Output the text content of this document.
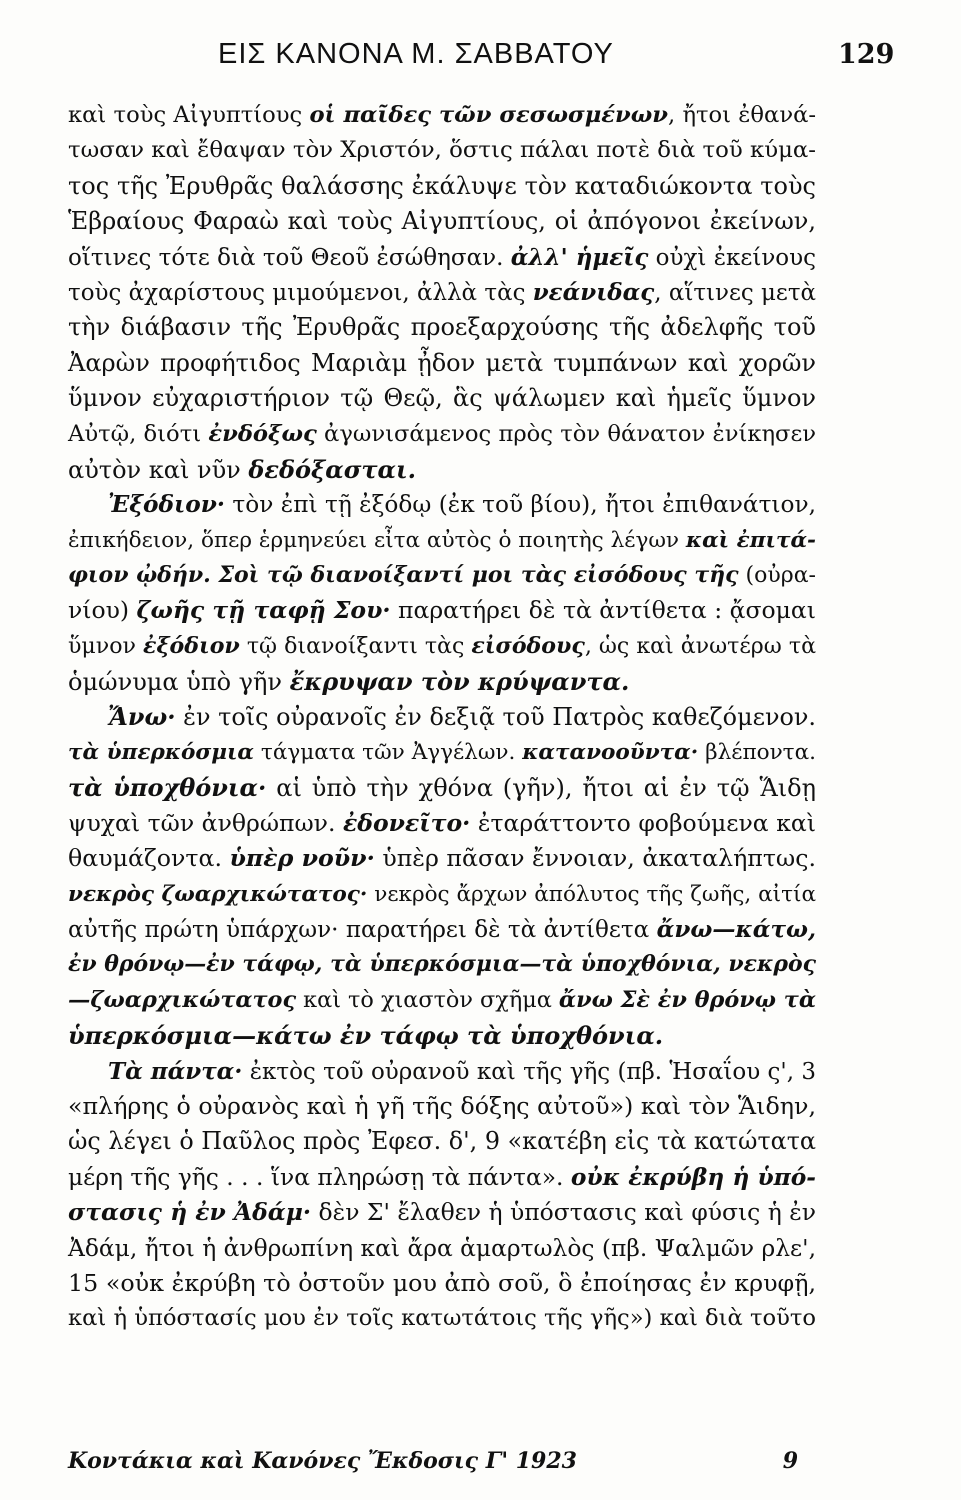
ΕΙΣ ΚΑΝΟΝΑ Μ. ΣΑΒΒΑΤΟΥ	129
καὶ τοὺς Αἰγυπτίους οἱ παῖδες τῶν σεσωσμένων, ἤτοι ἐθανά-
τωσαν καὶ ἔθαψαν τὸν Χριστόν, ὅστις πάλαι ποτὲ διὰ τοῦ κύμα-
τος τῆς Ἐρυθρᾶς θαλάσσης ἐκάλυψε τὸν καταδιώκοντα τοὺς
Ἑβραίους Φαραὼ καὶ τοὺς Αἰγυπτίους, οἱ ἀπόγονοι ἐκείνων,
οἵτινες τότε διὰ τοῦ Θεοῦ ἐσώθησαν. ἀλλ' ἡμεῖς οὐχὶ ἐκείνους
τοὺς ἀχαρίστους μιμούμενοι, ἀλλὰ τὰς νεάνιδας, αἵτινες μετὰ
τὴν διάβασιν τῆς Ἐρυθρᾶς προεξαρχούσης τῆς ἀδελφῆς τοῦ
Ἀαρὼν προφήτιδος Μαριὰμ ᾖδον μετὰ τυμπάνων καὶ χορῶν
ὕμνον εὐχαριστήριον τῷ Θεῷ, ἃς ψάλωμεν καὶ ἡμεῖς ὕμνον
Αὐτῷ, διότι ἐνδόξως ἀγωνισάμενος πρὸς τὸν θάνατον ἐνίκησεν
αὐτὸν καὶ νῦν δεδόξασται.
Ἐξόδιον· τὸν ἐπὶ τῇ ἐξόδῳ (ἐκ τοῦ βίου), ἤτοι ἐπιθανάτιον,
ἐπικήδειον, ὅπερ ἑρμηνεύει εἶτα αὐτὸς ὁ ποιητὴς λέγων καὶ ἐπιτά-
φιον ᾠδήν. Σοὶ τῷ διανοίξαντί μοι τὰς εἰσόδους τῆς (οὐρα-
νίου) ζωῆς τῇ ταφῇ Σου· παρατήρει δὲ τὰ ἀντίθετα : ᾄσομαι
ὕμνον ἐξόδιον τῷ διανοίξαντι τὰς εἰσόδους, ὡς καὶ ἀνωτέρω τὰ
ὁμώνυμα ὑπὸ γῆν ἔκρυψαν τὸν κρύψαντα.
Ἄνω· ἐν τοῖς οὐρανοῖς ἐν δεξιᾷ τοῦ Πατρὸς καθεζόμενον.
τὰ ὑπερκόσμια τάγματα τῶν Ἀγγέλων. κατανοοῦντα· βλέποντα.
τὰ ὑποχθόνια· αἱ ὑπὸ τὴν χθόνα (γῆν), ἤτοι αἱ ἐν τῷ Ἅιδῃ
ψυχαὶ τῶν ἀνθρώπων. ἐδονεῖτο· ἐταράττοντο φοβούμενα καὶ
θαυμάζοντα. ὑπὲρ νοῦν· ὑπὲρ πᾶσαν ἔννοιαν, ἀκαταλήπτως.
νεκρὸς ζωαρχικώτατος· νεκρὸς ἄρχων ἀπόλυτος τῆς ζωῆς, αἰτία
αὐτῆς πρώτη ὑπάρχων· παρατήρει δὲ τὰ ἀντίθετα ἄνω—κάτω,
ἐν θρόνῳ—ἐν τάφῳ, τὰ ὑπερκόσμια—τὰ ὑποχθόνια, νεκρὸς
—ζωαρχικώτατος καὶ τὸ χιαστὸν σχῆμα ἄνω Σὲ ἐν θρόνῳ τὰ
ὑπερκόσμια—κάτω ἐν τάφῳ τὰ ὑποχθόνια.
Τὰ πάντα· ἐκτὸς τοῦ οὐρανοῦ καὶ τῆς γῆς (πβ. Ἡσαΐου ς', 3
«πλήρης ὁ οὐρανὸς καὶ ἡ γῆ τῆς δόξης αὐτοῦ») καὶ τὸν Ἅιδην,
ὡς λέγει ὁ Παῦλος πρὸς Ἐφεσ. δ', 9 «κατέβη εἰς τὰ κατώτατα
μέρη τῆς γῆς . . . ἵνα πληρώσῃ τὰ πάντα». οὐκ ἐκρύβη ἡ ὑπό-
στασις ἡ ἐν Ἀδάμ· δὲν Σ' ἔλαθεν ἡ ὑπόστασις καὶ φύσις ἡ ἐν
Ἀδάμ, ἤτοι ἡ ἀνθρωπίνη καὶ ἄρα ἁμαρτωλὸς (πβ. Ψαλμῶν ρλε',
15 «οὐκ ἐκρύβη τὸ ὀστοῦν μου ἀπὸ σοῦ, ὃ ἐποίησας ἐν κρυφῇ,
καὶ ἡ ὑπόστασίς μου ἐν τοῖς κατωτάτοις τῆς γῆς») καὶ διὰ τοῦτο
Κοντάκια καὶ Κανόνες Ἔκδοσις Γ' 1923	9
